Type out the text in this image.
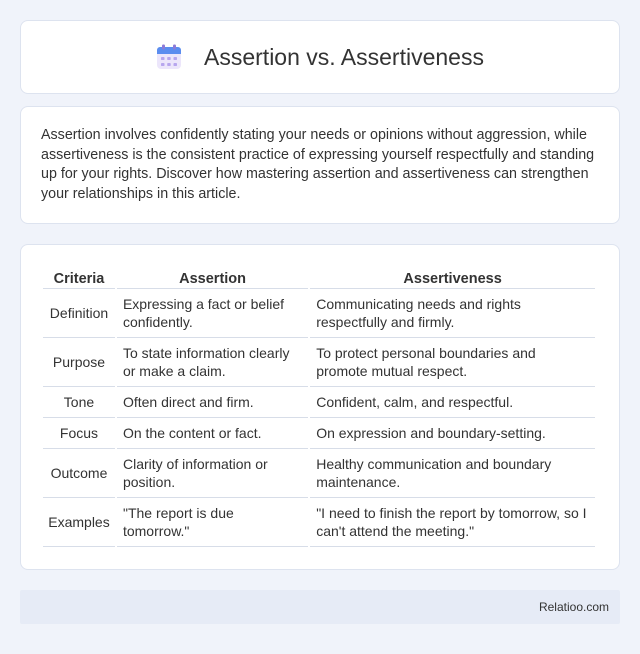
Assertion vs. Assertiveness

Assertion involves confidently stating your needs or opinions without aggression, while assertiveness is the consistent practice of expressing yourself respectfully and standing up for your rights. Discover how mastering assertion and assertiveness can strengthen your relationships in this article.

Criteria	Assertion	Assertiveness
Definition	Expressing a fact or belief confidently.	Communicating needs and rights respectfully and firmly.
Purpose	To state information clearly or make a claim.	To protect personal boundaries and promote mutual respect.
Tone	Often direct and firm.	Confident, calm, and respectful.
Focus	On the content or fact.	On expression and boundary-setting.
Outcome	Clarity of information or position.	Healthy communication and boundary maintenance.
Examples	"The report is due tomorrow."	"I need to finish the report by tomorrow, so I can't attend the meeting."
Relatioo.com
